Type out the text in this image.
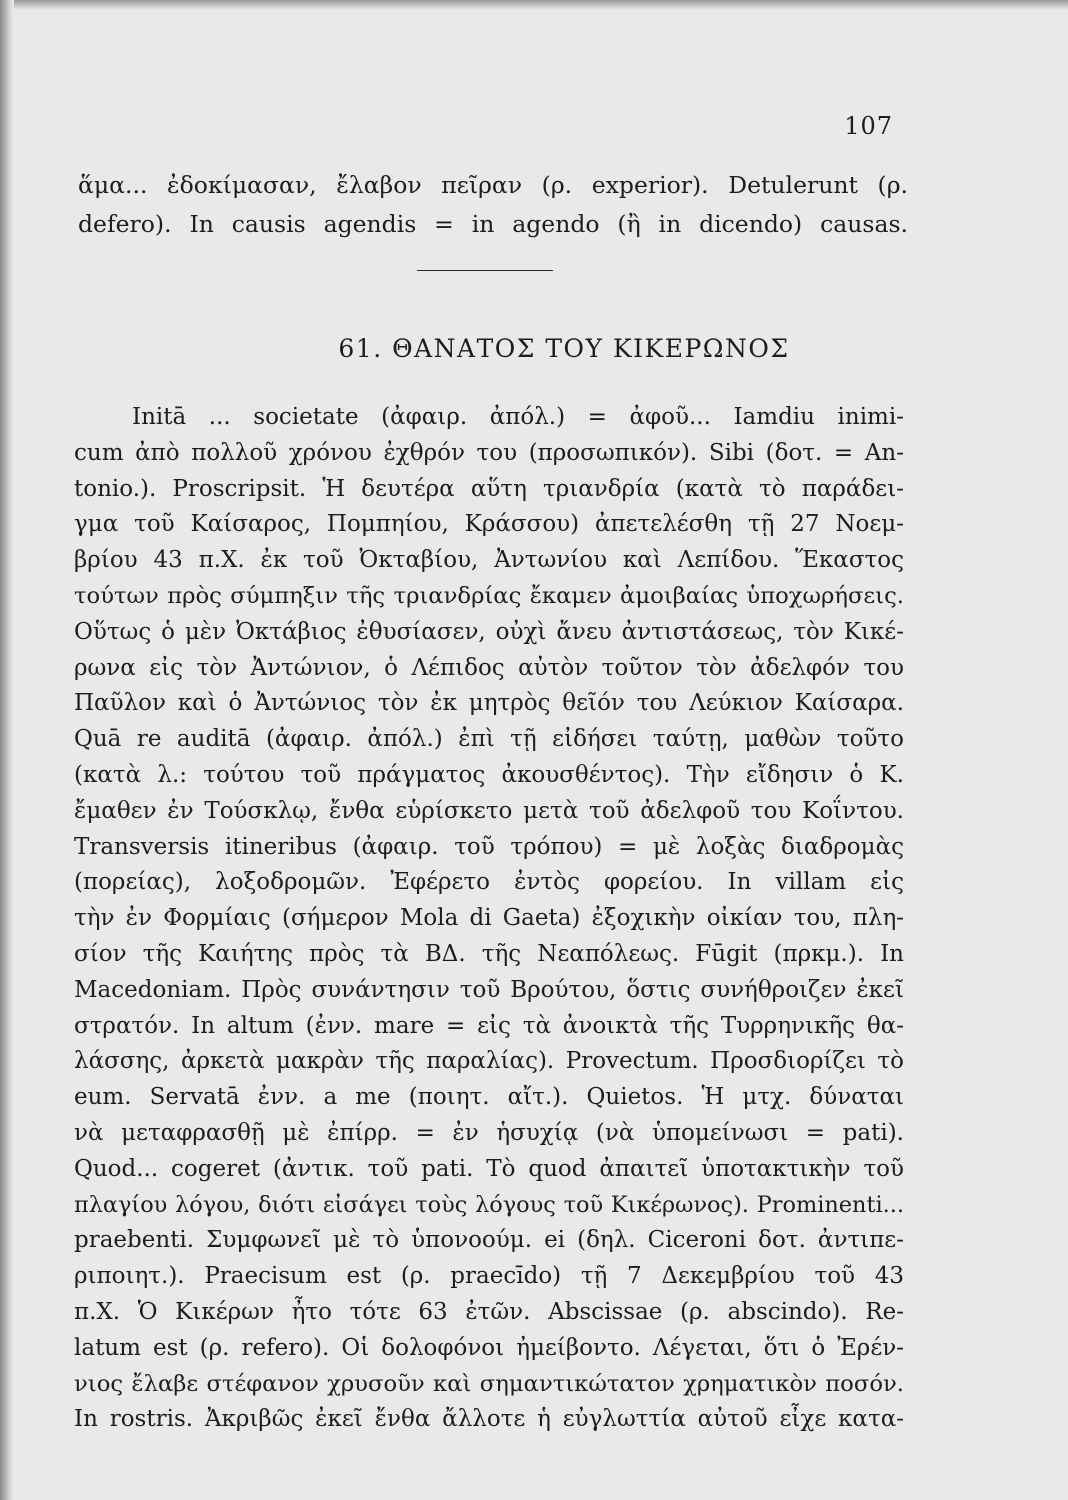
107
ἅμα... ἐδοκίμασαν, ἔλαβον πεῖραν (ρ. experior). Detulerunt (ρ.
defero). In causis agendis = in agendo (ἢ in dicendo) causas.
61. ΘΑΝΑΤΟΣ ΤΟΥ ΚΙΚΕΡΩΝΟΣ
Initā ... societate (ἀφαιρ. ἀπόλ.) = ἀφοῦ... Iamdiu inimi-
cum ἀπὸ πολλοῦ χρόνου ἐχθρόν του (προσωπικόν). Sibi (δοτ. = An-
tonio.). Proscripsit. Ἡ δευτέρα αὕτη τριανδρία (κατὰ τὸ παράδει-
γμα τοῦ Καίσαρος, Πομπηίου, Κράσσου) ἀπετελέσθη τῇ 27 Νοεμ-
βρίου 43 π.Χ. ἐκ τοῦ Ὀκταβίου, Ἀντωνίου καὶ Λεπίδου. Ἕκαστος
τούτων πρὸς σύμπηξιν τῆς τριανδρίας ἔκαμεν ἀμοιβαίας ὑποχωρήσεις.
Οὕτως ὁ μὲν Ὀκτάβιος ἐθυσίασεν, οὐχὶ ἄνευ ἀντιστάσεως, τὸν Κικέ-
ρωνα εἰς τὸν Ἀντώνιον, ὁ Λέπιδος αὐτὸν τοῦτον τὸν ἀδελφόν του
Παῦλον καὶ ὁ Ἀντώνιος τὸν ἐκ μητρὸς θεῖόν του Λεύκιον Καίσαρα.
Quā re auditā (ἀφαιρ. ἀπόλ.) ἐπὶ τῇ εἰδήσει ταύτῃ, μαθὼν τοῦτο
(κατὰ λ.: τούτου τοῦ πράγματος ἀκουσθέντος). Τὴν εἴδησιν ὁ Κ.
ἔμαθεν ἐν Τούσκλῳ, ἔνθα εὑρίσκετο μετὰ τοῦ ἀδελφοῦ του Κοΐντου.
Transversis itineribus (ἀφαιρ. τοῦ τρόπου) = μὲ λοξὰς διαδρομὰς
(πορείας), λοξοδρομῶν. Ἐφέρετο ἐντὸς φορείου. In villam εἰς
τὴν ἐν Φορμίαις (σήμερον Mola di Gaeta) ἐξοχικὴν οἰκίαν του, πλη-
σίον τῆς Καιήτης πρὸς τὰ ΒΔ. τῆς Νεαπόλεως. Fūgit (πρκμ.). In
Macedoniam. Πρὸς συνάντησιν τοῦ Βρούτου, ὅστις συνήθροιζεν ἐκεῖ
στρατόν. In altum (ἐνν. mare = εἰς τὰ ἀνοικτὰ τῆς Τυρρηνικῆς θα-
λάσσης, ἀρκετὰ μακρὰν τῆς παραλίας). Provectum. Προσδιορίζει τὸ
eum. Servatā ἐνν. a me (ποιητ. αἴτ.). Quietos. Ἡ μτχ. δύναται
νὰ μεταφρασθῇ μὲ ἐπίρρ. = ἐν ἡσυχίᾳ (νὰ ὑπομείνωσι = pati).
Quod... cogeret (ἀντικ. τοῦ pati. Τὸ quod ἀπαιτεῖ ὑποτακτικὴν τοῦ
πλαγίου λόγου, διότι εἰσάγει τοὺς λόγους τοῦ Κικέρωνος). Prominenti...
praebenti. Συμφωνεῖ μὲ τὸ ὑπονοούμ. ei (δηλ. Ciceroni δοτ. ἀντιπε-
ριποιητ.). Praecisum est (ρ. praecīdo) τῇ 7 Δεκεμβρίου τοῦ 43
π.Χ. Ὁ Κικέρων ἦτο τότε 63 ἐτῶν. Abscissae (ρ. abscindo). Re-
latum est (ρ. refero). Οἱ δολοφόνοι ἠμείβοντο. Λέγεται, ὅτι ὁ Ἐρέν-
νιος ἔλαβε στέφανον χρυσοῦν καὶ σημαντικώτατον χρηματικὸν ποσόν.
In rostris. Ἀκριβῶς ἐκεῖ ἔνθα ἄλλοτε ἡ εὐγλωττία αὐτοῦ εἶχε κατα-
